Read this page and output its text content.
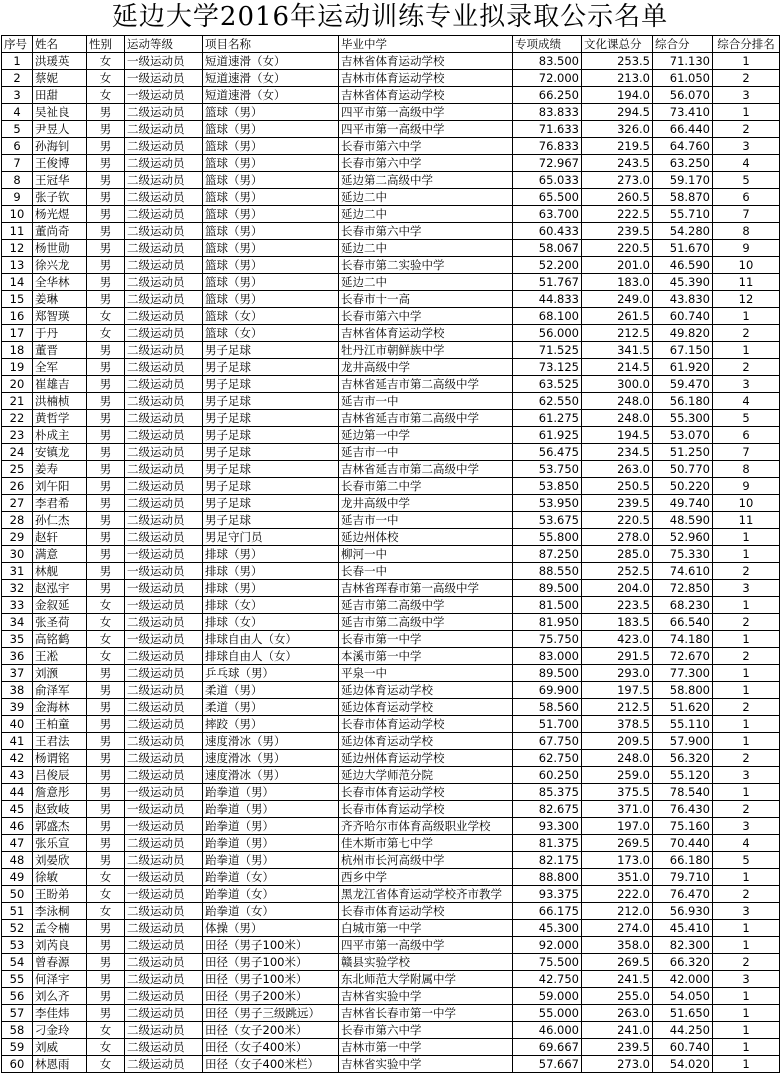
延边大学2016年运动训练专业拟录取公示名单
序号	姓名	性别	运动等级	项目名称	毕业中学	专项成绩	文化课总分	综合分	综合分排名
1	洪瑗英	女	一级运动员	短道速滑（女）	吉林省体育运动学校	83.500	253.5	71.130	1
2	蔡妮	女	一级运动员	短道速滑（女）	吉林市体育运动学校	72.000	213.0	61.050	2
3	田甜	女	一级运动员	短道速滑（女）	吉林省体育运动学校	66.250	194.0	56.070	3
4	吴祉良	男	二级运动员	篮球（男）	四平市第一高级中学	83.833	294.5	73.410	1
5	尹昱人	男	二级运动员	篮球（男）	四平市第一高级中学	71.633	326.0	66.440	2
6	孙海钊	男	二级运动员	篮球（男）	长春市第六中学	76.833	219.5	64.760	3
7	王俊博	男	二级运动员	篮球（男）	长春市第六中学	72.967	243.5	63.250	4
8	王冠华	男	二级运动员	篮球（男）	延边第二高级中学	65.033	273.0	59.170	5
9	张子钦	男	二级运动员	篮球（男）	延边二中	65.500	260.5	58.870	6
10	杨光煜	男	二级运动员	篮球（男）	延边二中	63.700	222.5	55.710	7
11	董尚奇	男	二级运动员	篮球（男）	长春市第六中学	60.433	239.5	54.280	8
12	杨世勋	男	二级运动员	篮球（男）	延边二中	58.067	220.5	51.670	9
13	徐兴龙	男	二级运动员	篮球（男）	长春市第二实验中学	52.200	201.0	46.590	10
14	全华林	男	二级运动员	篮球（男）	延边二中	51.767	183.0	45.390	11
15	姜琳	男	二级运动员	篮球（男）	长春市十一高	44.833	249.0	43.830	12
16	郑智瑛	女	二级运动员	篮球（女）	长春市第六中学	68.100	261.5	60.740	1
17	于丹	女	二级运动员	篮球（女）	吉林省体育运动学校	56.000	212.5	49.820	2
18	董晋	男	二级运动员	男子足球	牡丹江市朝鲜族中学	71.525	341.5	67.150	1
19	全军	男	二级运动员	男子足球	龙井高级中学	73.125	214.5	61.920	2
20	崔雄吉	男	二级运动员	男子足球	吉林省延吉市第二高级中学	63.525	300.0	59.470	3
21	洪楠桢	男	二级运动员	男子足球	延吉市一中	62.550	248.0	56.180	4
22	黄哲学	男	二级运动员	男子足球	吉林省延吉市第二高级中学	61.275	248.0	55.300	5
23	朴成主	男	二级运动员	男子足球	延边第一中学	61.925	194.5	53.070	6
24	安镇龙	男	二级运动员	男子足球	延吉市一中	56.475	234.5	51.250	7
25	姜寿	男	二级运动员	男子足球	吉林省延吉市第二高级中学	53.750	263.0	50.770	8
26	刘午阳	男	二级运动员	男子足球	长春市第二中学	53.850	250.5	50.220	9
27	李君希	男	二级运动员	男子足球	龙井高级中学	53.950	239.5	49.740	10
28	孙仁杰	男	二级运动员	男子足球	延吉市一中	53.675	220.5	48.590	11
29	赵轩	男	二级运动员	男足守门员	延边州体校	55.800	278.0	52.960	1
30	满意	男	一级运动员	排球（男）	柳河一中	87.250	285.0	75.330	1
31	林舰	男	一级运动员	排球（男）	长春一中	88.550	252.5	74.610	2
32	赵泓宇	男	一级运动员	排球（男）	吉林省珲春市第一高级中学	89.500	204.0	72.850	3
33	金叙延	女	一级运动员	排球（女）	延吉市第二高级中学	81.500	223.5	68.230	1
34	张圣荷	女	二级运动员	排球（女）	延吉市第二高级中学	81.950	183.5	66.540	2
35	高铭鹤	女	一级运动员	排球自由人（女）	长春市第一中学	75.750	423.0	74.180	1
36	王凇	女	二级运动员	排球自由人（女）	本溪市第一中学	83.000	291.5	72.670	2
37	刘滪	男	二级运动员	乒乓球（男）	平泉一中	89.500	293.0	77.300	1
38	俞泽军	男	二级运动员	柔道（男）	延边体育运动学校	69.900	197.5	58.800	1
39	金海林	男	二级运动员	柔道（男）	延边体育运动学校	58.560	212.5	51.620	2
40	王柏童	男	二级运动员	摔跤（男）	长春市体育运动学校	51.700	378.5	55.110	1
41	王君法	男	二级运动员	速度滑冰（男）	延边体育运动学校	67.750	209.5	57.900	1
42	杨谓铭	男	二级运动员	速度滑冰（男）	延边州体育运动学校	62.750	248.0	56.320	2
43	吕俊辰	男	二级运动员	速度滑冰（男）	延边大学师范分院	60.250	259.0	55.120	3
44	詹意彤	男	一级运动员	跆拳道（男）	长春市体育运动学校	85.375	375.5	78.540	1
45	赵致岐	男	一级运动员	跆拳道（男）	长春市体育运动学校	82.675	371.0	76.430	2
46	郭盛杰	男	一级运动员	跆拳道（男）	齐齐哈尔市体育高级职业学校	93.300	197.0	75.160	3
47	张乐宣	男	二级运动员	跆拳道（男）	佳木斯市第七中学	81.375	269.5	70.440	4
48	刘晏欣	男	二级运动员	跆拳道（男）	杭州市长河高级中学	82.175	173.0	66.180	5
49	徐敏	女	一级运动员	跆拳道（女）	西乡中学	88.800	351.0	79.710	1
50	王盼弟	女	一级运动员	跆拳道（女）	黑龙江省体育运动学校齐市教学	93.375	222.0	76.470	2
51	李泳桐	女	二级运动员	跆拳道（女）	长春市体育运动学校	66.175	212.0	56.930	3
52	孟令楠	男	二级运动员	体操（男）	白城市第一中学	45.300	274.0	45.410	1
53	刘芮良	男	二级运动员	田径（男子100米）	四平市第一高级中学	92.000	358.0	82.300	1
54	曾春源	男	二级运动员	田径（男子100米）	赣县实验学校	75.500	269.5	66.320	2
55	何泽宇	男	二级运动员	田径（男子100米）	东北师范大学附属中学	42.750	241.5	42.000	3
56	刘么齐	男	二级运动员	田径（男子200米）	吉林省实验中学	59.000	255.0	54.050	1
57	李佳炜	男	二级运动员	田径（男子三级跳远）	吉林省长春市第一中学	55.000	263.0	51.650	1
58	刁金玲	女	二级运动员	田径（女子200米）	长春市第六中学	46.000	241.0	44.250	1
59	刘威	女	二级运动员	田径（女子400米）	吉林市第一中学	69.667	239.5	60.740	1
60	林恩雨	女	二级运动员	田径（女子400米栏）	吉林省实验中学	57.667	273.0	54.020	1
